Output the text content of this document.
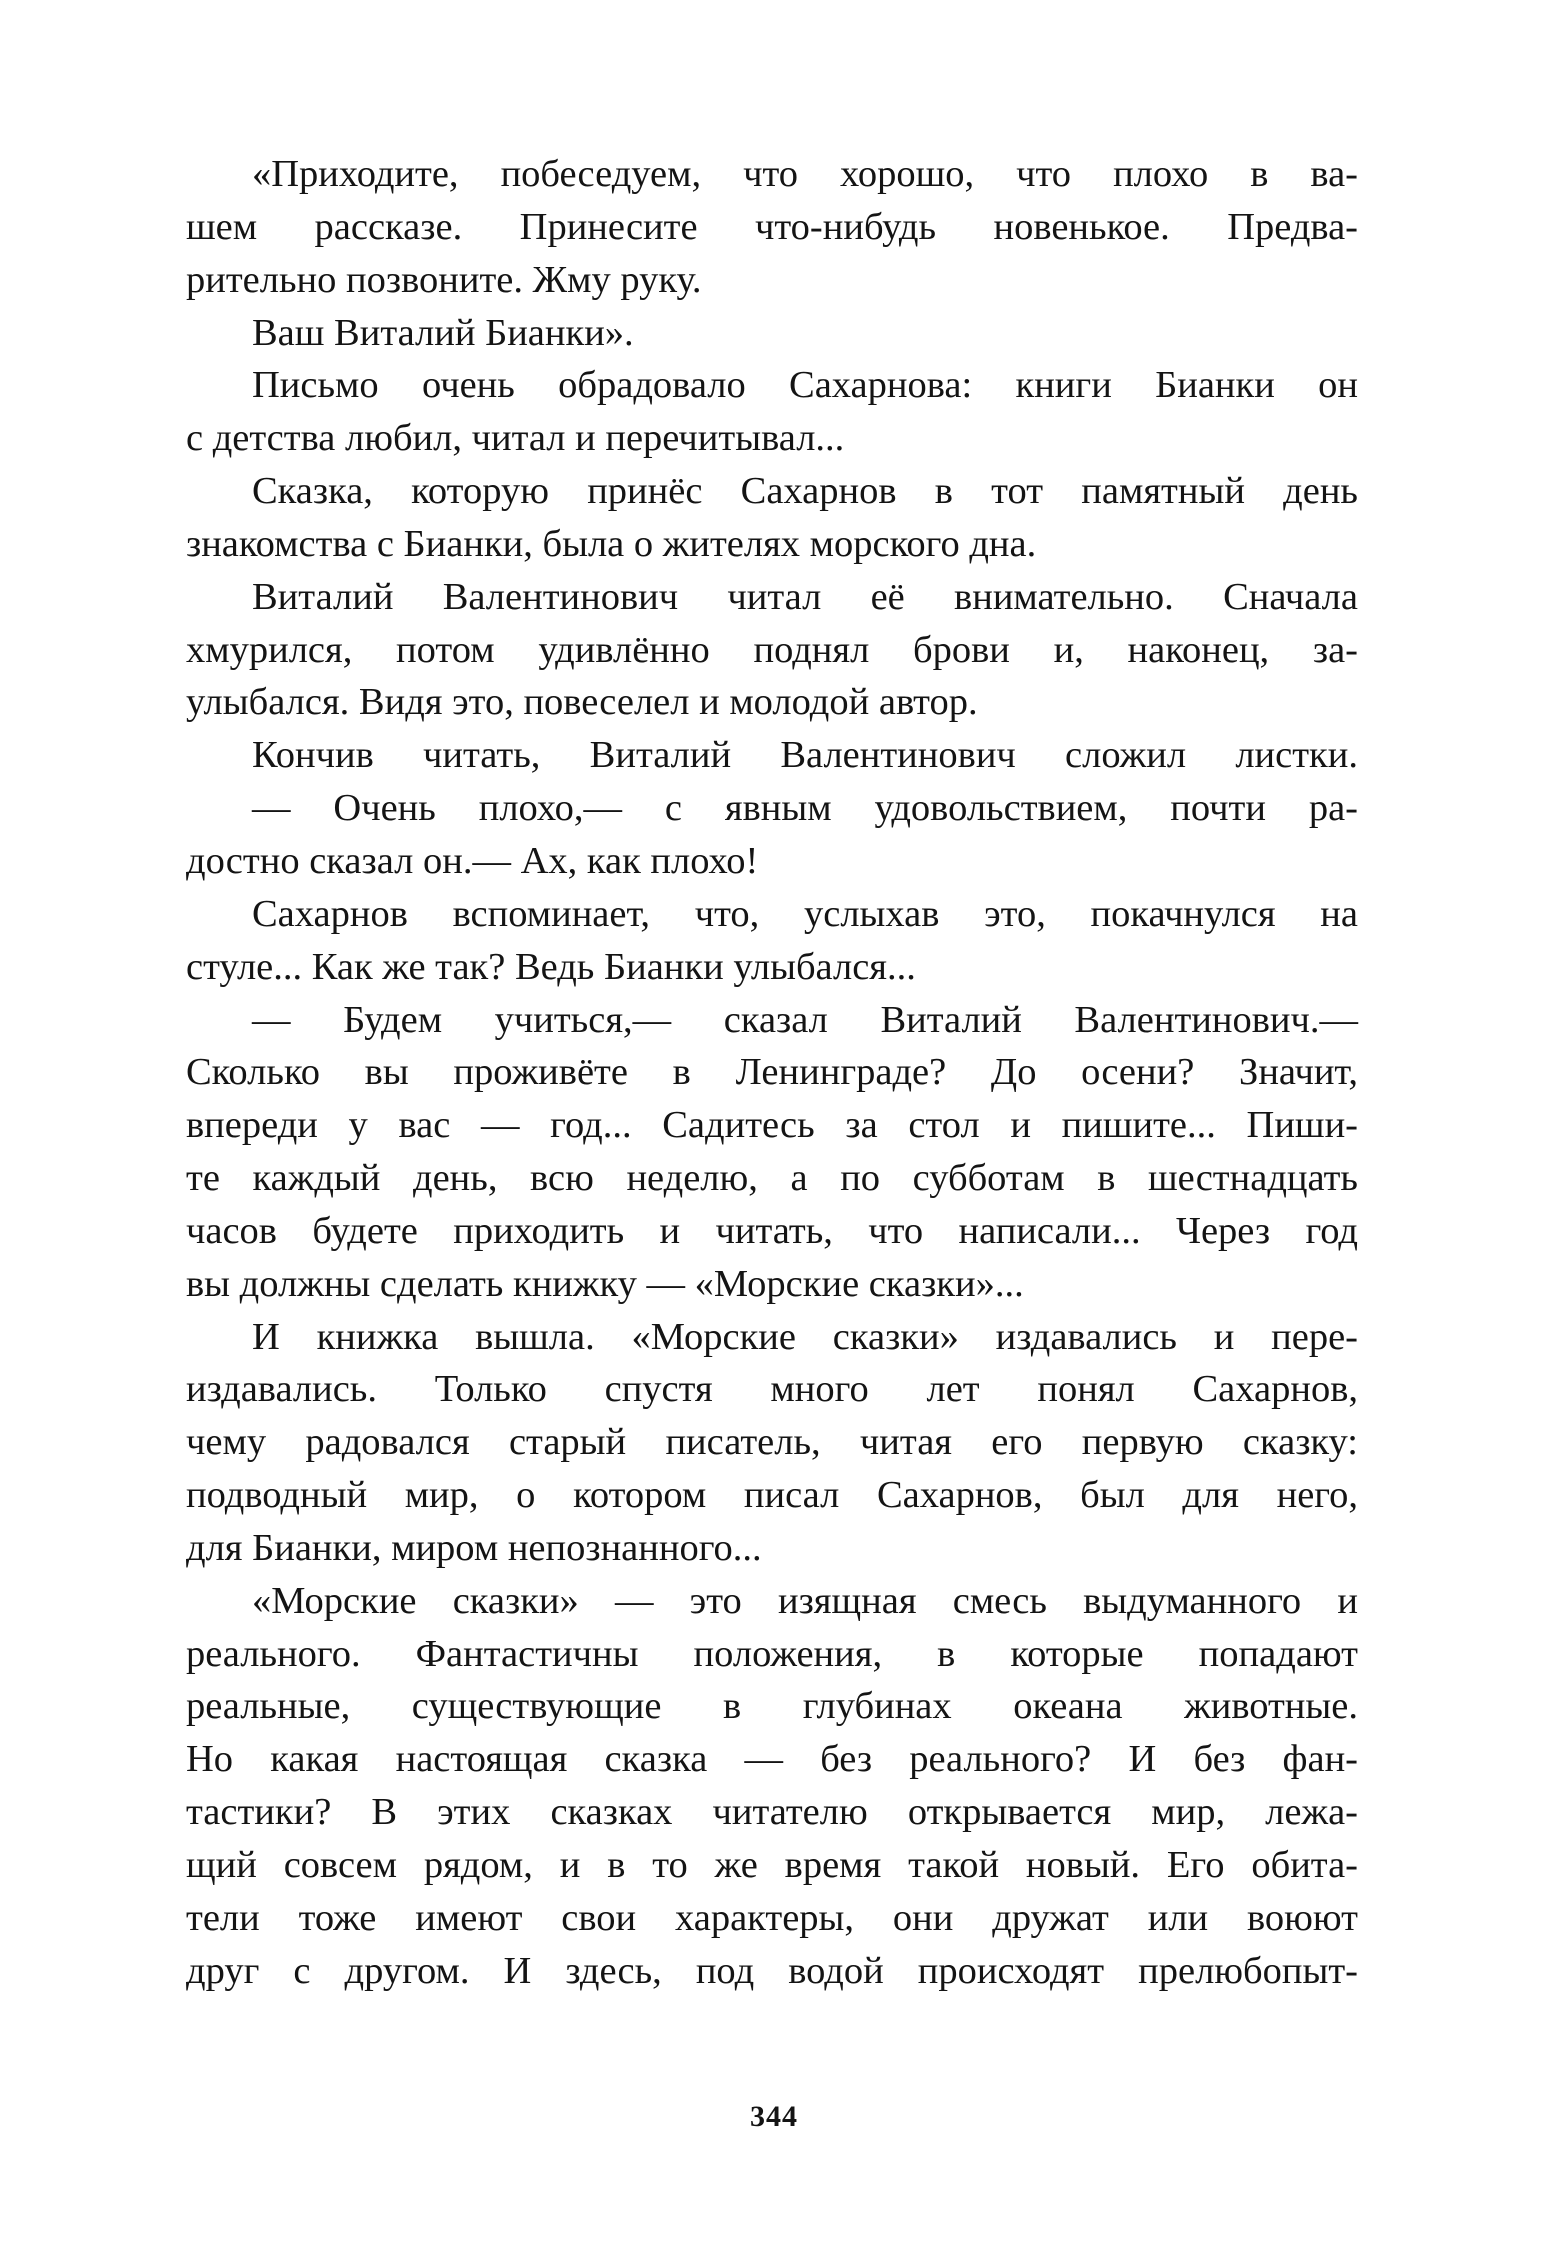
«Приходите, побеседуем, что хорошо, что плохо в ва-
шем рассказе. Принесите что-нибудь новенькое. Предва-
рительно позвоните. Жму руку.
Ваш Виталий Бианки».
Письмо очень обрадовало Сахарнова: книги Бианки он
с детства любил, читал и перечитывал...
Сказка, которую принёс Сахарнов в тот памятный день
знакомства с Бианки, была о жителях морского дна.
Виталий Валентинович читал её внимательно. Сначала
хмурился, потом удивлённо поднял брови и, наконец, за-
улыбался. Видя это, повеселел и молодой автор.
Кончив читать, Виталий Валентинович сложил листки.
— Очень плохо,— с явным удовольствием, почти ра-
достно сказал он.— Ах, как плохо!
Сахарнов вспоминает, что, услыхав это, покачнулся на
стуле... Как же так? Ведь Бианки улыбался...
— Будем учиться,— сказал Виталий Валентинович.—
Сколько вы проживёте в Ленинграде? До осени? Значит,
впереди у вас — год... Садитесь за стол и пишите... Пиши-
те каждый день, всю неделю, а по субботам в шестнадцать
часов будете приходить и читать, что написали... Через год
вы должны сделать книжку — «Морские сказки»...
И книжка вышла. «Морские сказки» издавались и пере-
издавались. Только спустя много лет понял Сахарнов,
чему радовался старый писатель, читая его первую сказку:
подводный мир, о котором писал Сахарнов, был для него,
для Бианки, миром непознанного...
«Морские сказки» — это изящная смесь выдуманного и
реального. Фантастичны положения, в которые попадают
реальные, существующие в глубинах океана животные.
Но какая настоящая сказка — без реального? И без фан-
тастики? В этих сказках читателю открывается мир, лежа-
щий совсем рядом, и в то же время такой новый. Его обита-
тели тоже имеют свои характеры, они дружат или воюют
друг с другом. И здесь, под водой происходят прелюбопыт-
344
